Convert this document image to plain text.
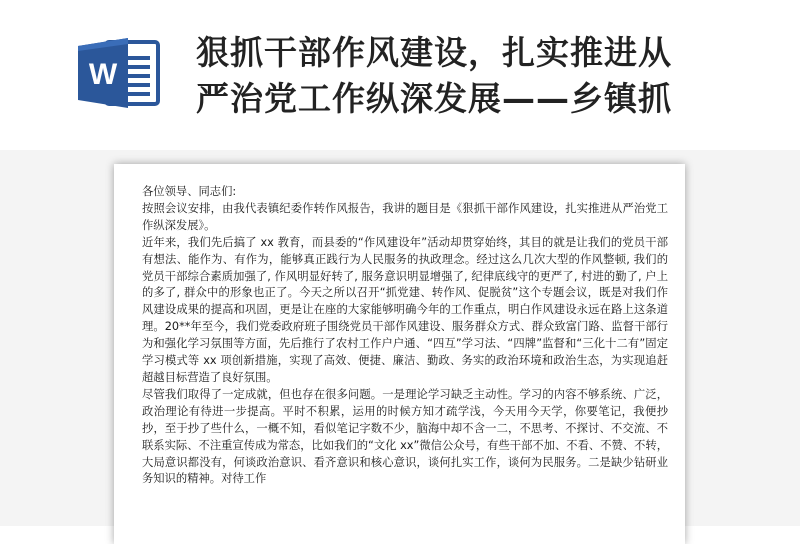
W
狠抓干部作风建设，扎实推进从
严治党工作纵深发展——乡镇抓

各位领导、同志们:

按照会议安排，由我代表镇纪委作转作风报告，我讲的题目是《狠抓干部作风建设，扎实推进从严治党工作纵深发展》。

近年来，我们先后搞了 xx 教育，而县委的“作风建设年”活动却贯穿始终，其目的就是让我们的党员干部有想法、能作为、有作为，能够真正践行为人民服务的执政理念。经过这么几次大型的作风整顿, 我们的党员干部综合素质加强了, 作风明显好转了, 服务意识明显增强了, 纪律底线守的更严了, 村进的勤了, 户上的多了, 群众中的形象也正了。今天之所以召开“抓党建、转作风、促脱贫”这个专题会议，既是对我们作风建设成果的提高和巩固，更是让在座的大家能够明确今年的工作重点，明白作风建设永远在路上这条道理。20**年至今，我们党委政府班子围绕党员干部作风建设、服务群众方式、群众致富门路、监督干部行为和强化学习氛围等方面，先后推行了农村工作户户通、“四互”学习法、“四牌”监督和“三化十二有”固定学习模式等 xx 项创新措施，实现了高效、便捷、廉洁、勤政、务实的政治环境和政治生态，为实现追赶超越目标营造了良好氛围。

尽管我们取得了一定成就，但也存在很多问题。一是理论学习缺乏主动性。学习的内容不够系统、广泛，政治理论有待进一步提高。平时不积累，运用的时候方知才疏学浅，今天用今天学，你要笔记，我便抄抄，至于抄了些什么，一概不知，看似笔记字数不少，脑海中却不含一二，不思考、不探讨、不交流、不联系实际、不注重宣传成为常态，比如我们的“文化 xx”微信公众号，有些干部不加、不看、不赞、不转，大局意识都没有，何谈政治意识、看齐意识和核心意识，谈何扎实工作，谈何为民服务。二是缺少钻研业务知识的精神。对待工作
